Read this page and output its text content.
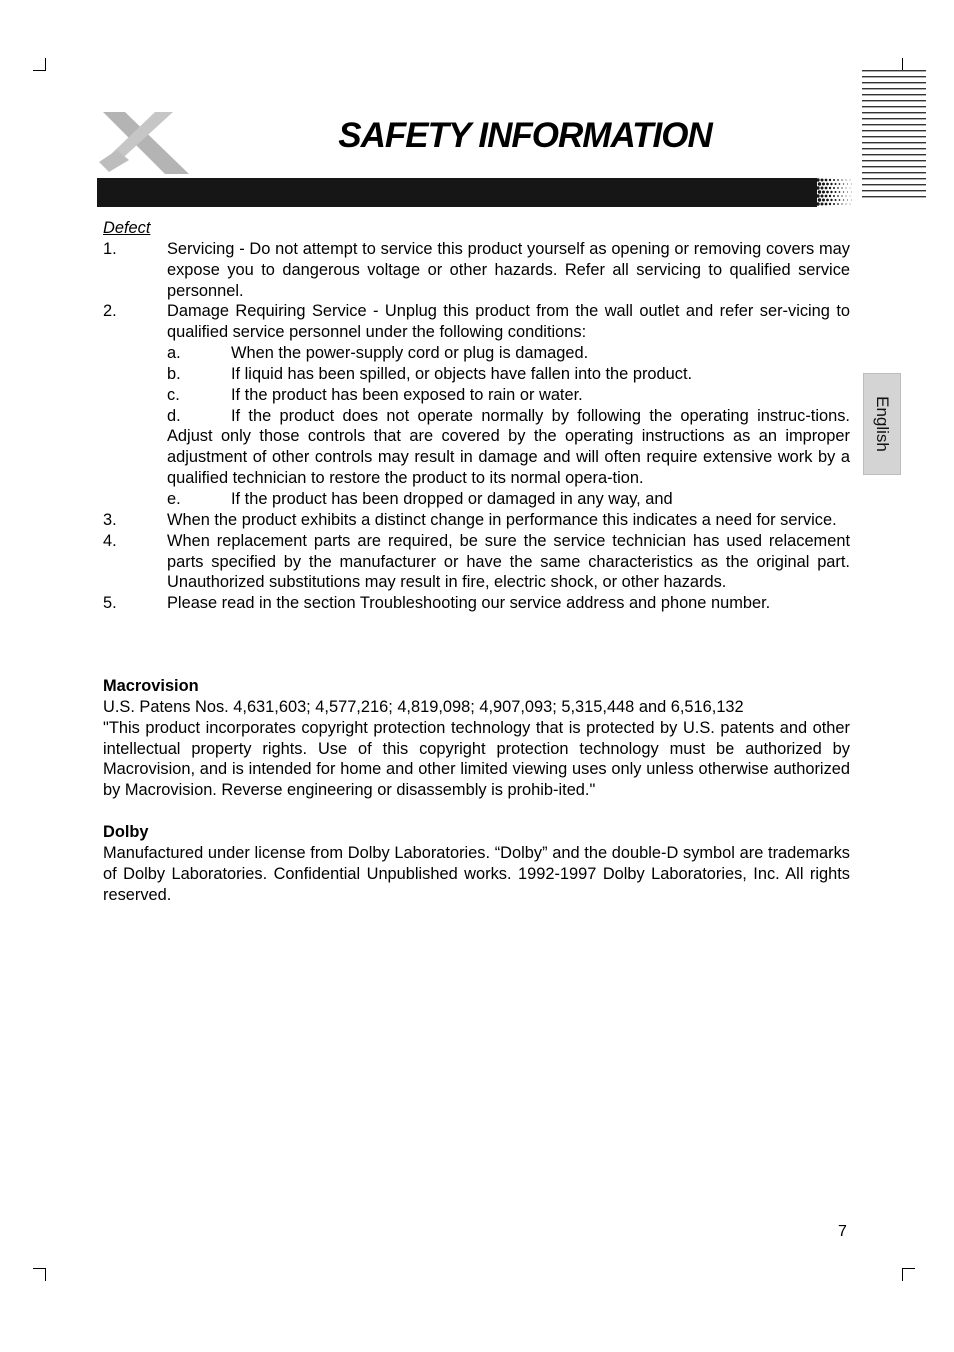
SAFETY INFORMATION
English

Defect

1.	Servicing - Do not attempt to service this product yourself as opening or removing covers may expose you to dangerous voltage or other hazards. Refer all servicing to qualified service personnel.
2.	Damage Requiring Service - Unplug this product from the wall outlet and refer ser-vicing to qualified service personnel under the following conditions:
a.	When the power-supply cord or plug is damaged.
b.	If liquid has been spilled, or objects have fallen into the product.
c.	If the product has been exposed to rain or water.
d.	If the product does not operate normally by following the operating instruc-tions. Adjust only those controls that are covered by the operating instructions as an improper adjustment of other controls may result in damage and will often require extensive work by a qualified technician to restore the product to its normal opera-tion.
e.	If the product has been dropped or damaged in any way, and
3.	When the product exhibits a distinct change in performance this indicates a need for service.
4.	When replacement parts are required, be sure the service technician has used relacement parts specified by the manufacturer or have the same characteristics as the original part. Unauthorized substitutions may result in fire, electric shock, or other hazards.
5.	Please read in the section Troubleshooting our service address and phone number.

Macrovision

U.S. Patens Nos. 4,631,603; 4,577,216; 4,819,098; 4,907,093; 5,315,448 and 6,516,132

"This product incorporates copyright protection technology that is protected by U.S. patents and other intellectual property rights. Use of this copyright protection technology must be authorized by Macrovision, and is intended for home and other limited viewing uses only unless otherwise authorized by Macrovision. Reverse engineering or disassembly is prohib-ited."

Dolby

Manufactured under license from Dolby Laboratories. “Dolby” and the double-D symbol are trademarks of Dolby Laboratories. Confidential Unpublished works. 1992-1997 Dolby Laboratories, Inc. All rights reserved.

7
